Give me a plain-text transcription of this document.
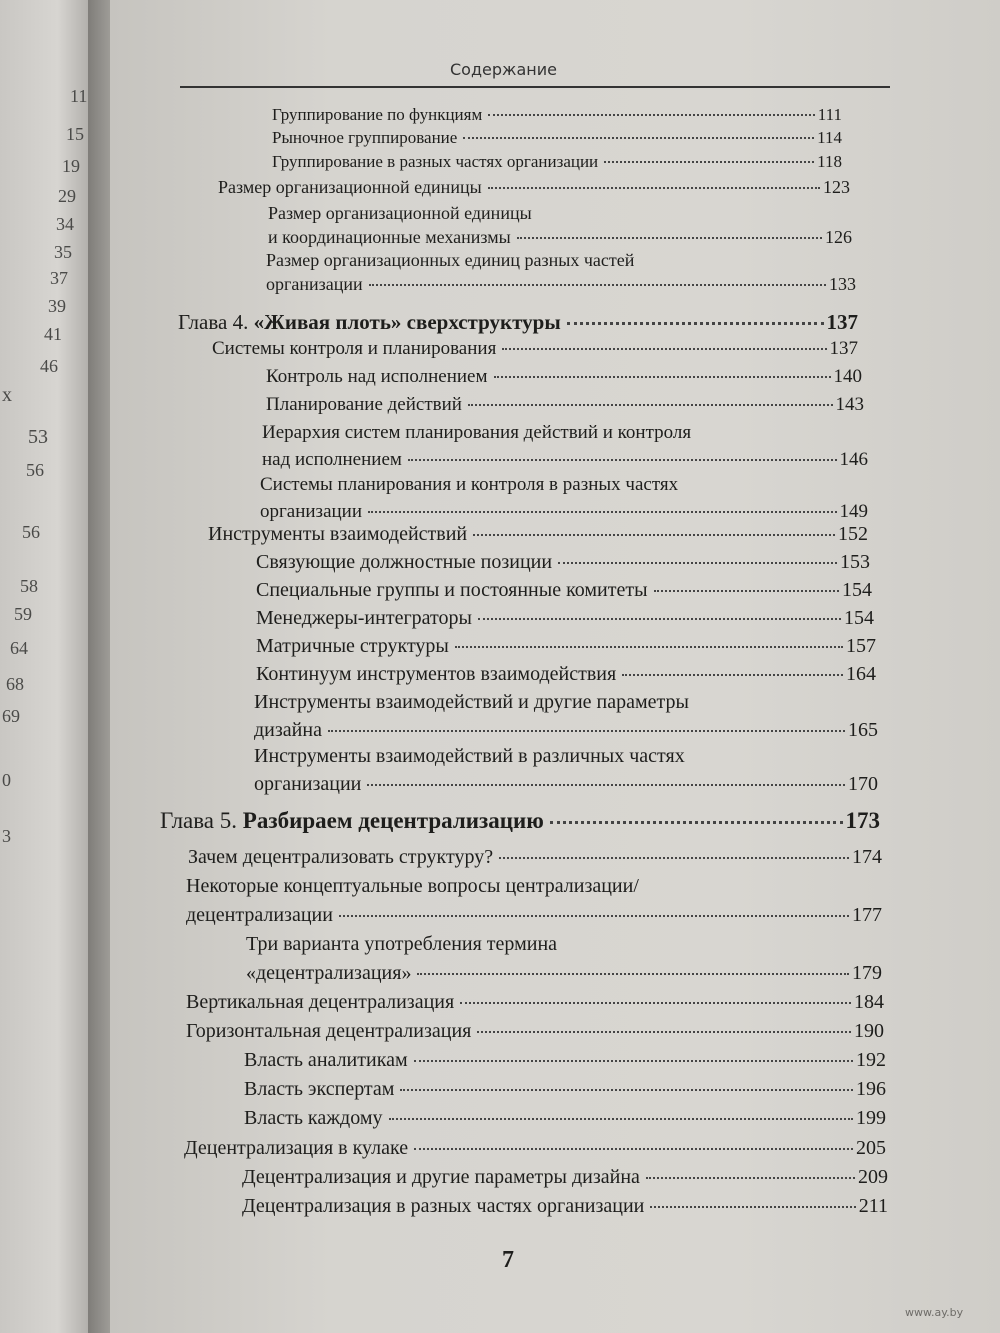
11
15
19
29
34
35
37
39
41
46
x
53
56
56
58
59
64
68
69
0
3
Содержание
Группирование по функциям	111
Рыночное группирование	114
Группирование в разных частях организации	118
Размер организационной единицы	123
Размер организационной единицы
и координационные механизмы	126
Размер организационных единиц разных частей
организации	133
Глава 4. «Живая плоть» сверхструктуры	137
Системы контроля и планирования	137
Контроль над исполнением	140
Планирование действий	143
Иерархия систем планирования действий и контроля
над исполнением	146
Системы планирования и контроля в разных частях
организации	149
Инструменты взаимодействий	152
Связующие должностные позиции	153
Специальные группы и постоянные комитеты	154
Менеджеры-интеграторы	154
Матричные структуры	157
Континуум инструментов взаимодействия	164
Инструменты взаимодействий и другие параметры
дизайна	165
Инструменты взаимодействий в различных частях
организации	170
Глава 5. Разбираем децентрализацию	173
Зачем децентрализовать структуру?	174
Некоторые концептуальные вопросы централизации/
децентрализации	177
Три варианта употребления термина
«децентрализация»	179
Вертикальная децентрализация	184
Горизонтальная децентрализация	190
Власть аналитикам	192
Власть экспертам	196
Власть каждому	199
Децентрализация в кулаке	205
Децентрализация и другие параметры дизайна	209
Децентрализация в разных частях организации	211
7
www.ay.by
